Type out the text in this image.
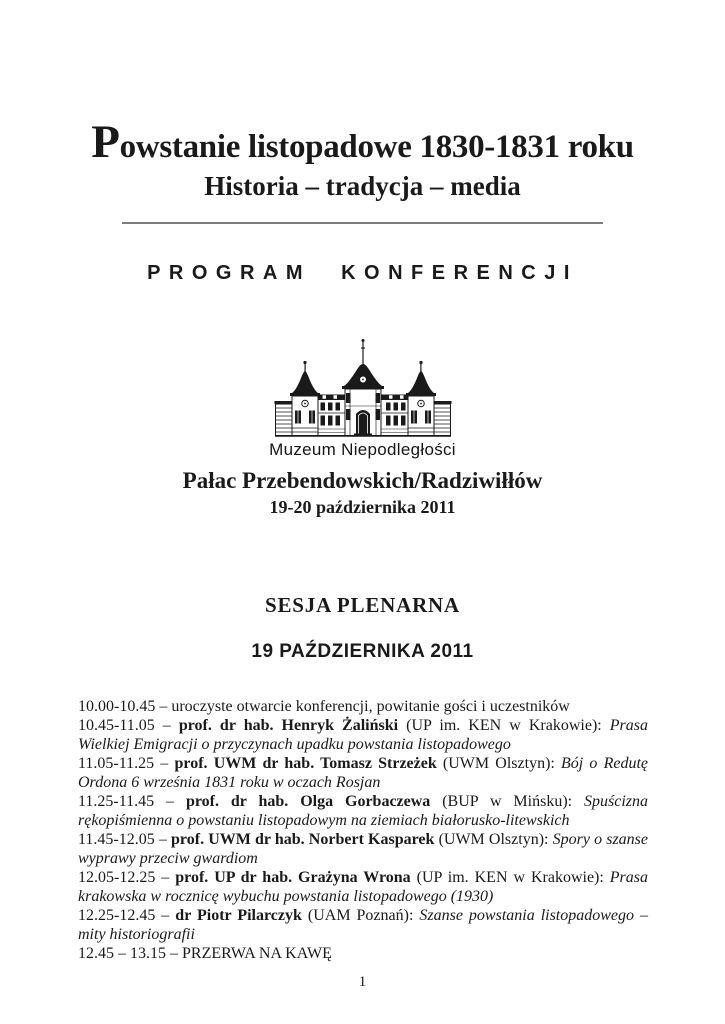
Powstanie listopadowe 1830-1831 roku
Historia – tradycja – media
PROGRAM KONFERENCJI
Muzeum Niepodległości
Pałac Przebendowskich/Radziwiłłów
19-20 października 2011
SESJA PLENARNA
19 PAŹDZIERNIKA 2011

10.00-10.45 – uroczyste otwarcie konferencji, powitanie gości i uczestników

10.45-11.05 – prof. dr hab. Henryk Żaliński (UP im. KEN w Krakowie): Prasa Wielkiej Emigracji o przyczynach upadku powstania listopadowego

11.05-11.25 – prof. UWM dr hab. Tomasz Strzeżek (UWM Olsztyn): Bój o Redutę Ordona 6 września 1831 roku w oczach Rosjan

11.25-11.45 – prof. dr hab. Olga Gorbaczewa (BUP w Mińsku): Spuścizna rękopiśmienna o powstaniu listopadowym na ziemiach białorusko-litewskich

11.45-12.05 – prof. UWM dr hab. Norbert Kasparek (UWM Olsztyn): Spory o szanse wyprawy przeciw gwardiom

12.05-12.25 – prof. UP dr hab. Grażyna Wrona (UP im. KEN w Krakowie): Prasa krakowska w rocznicę wybuchu powstania listopadowego (1930)

12.25-12.45 – dr Piotr Pilarczyk (UAM Poznań): Szanse powstania listopadowego – mity historiografii

12.45 – 13.15 – PRZERWA NA KAWĘ

1
